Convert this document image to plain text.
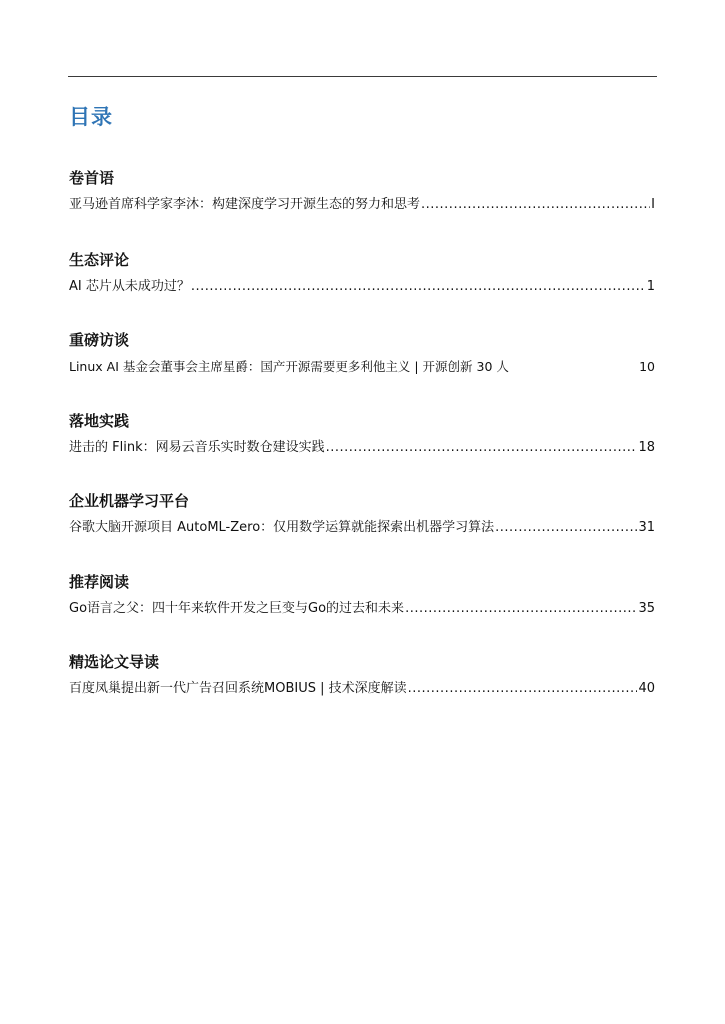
目录
卷首语
亚马逊首席科学家李沐：构建深度学习开源生态的努力和思考 .....	I
生态评论
AI 芯片从未成功过？ .....	1
重磅访谈
Linux AI 基金会董事会主席星爵：国产开源需要更多利他主义 | 开源创新 30 人	10
落地实践
进击的 Flink：网易云音乐实时数仓建设实践 .....	18
企业机器学习平台
谷歌大脑开源项目 AutoML-Zero：仅用数学运算就能探索出机器学习算法 .....	31
推荐阅读
Go语言之父：四十年来软件开发之巨变与Go的过去和未来 .....	35
精选论文导读
百度凤巢提出新一代广告召回系统MOBIUS | 技术深度解读 .....	40
